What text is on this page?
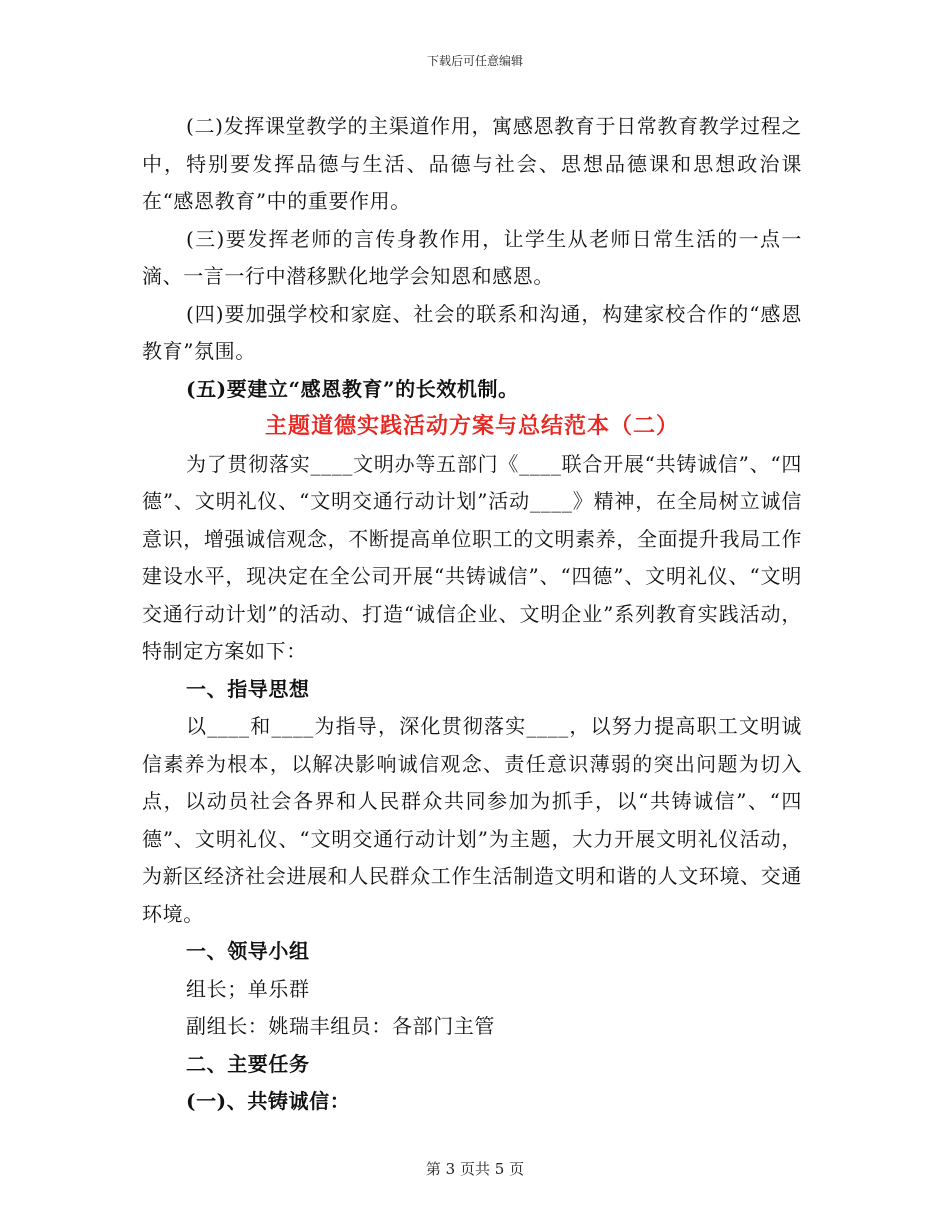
下载后可任意编辑

(二)发挥课堂教学的主渠道作用，寓感恩教育于日常教育教学过程之中，特别要发挥品德与生活、品德与社会、思想品德课和思想政治课在“感恩教育”中的重要作用。

(三)要发挥老师的言传身教作用，让学生从老师日常生活的一点一滴、一言一行中潜移默化地学会知恩和感恩。

(四)要加强学校和家庭、社会的联系和沟通，构建家校合作的“感恩教育”氛围。

(五)要建立“感恩教育”的长效机制。

主题道德实践活动方案与总结范本（二）

为了贯彻落实____文明办等五部门《____联合开展“共铸诚信”、“四德”、文明礼仪、“文明交通行动计划”活动____》精神，在全局树立诚信意识，增强诚信观念，不断提高单位职工的文明素养，全面提升我局工作建设水平，现决定在全公司开展“共铸诚信”、“四德”、文明礼仪、“文明交通行动计划”的活动、打造“诚信企业、文明企业”系列教育实践活动，特制定方案如下：

一、指导思想

以____和____为指导，深化贯彻落实____，以努力提高职工文明诚信素养为根本，以解决影响诚信观念、责任意识薄弱的突出问题为切入点，以动员社会各界和人民群众共同参加为抓手，以“共铸诚信”、“四德”、文明礼仪、“文明交通行动计划”为主题，大力开展文明礼仪活动，为新区经济社会进展和人民群众工作生活制造文明和谐的人文环境、交通环境。

一、领导小组

组长；单乐群

副组长：姚瑞丰组员：各部门主管

二、主要任务

(一)、共铸诚信：

第 3 页共 5 页
